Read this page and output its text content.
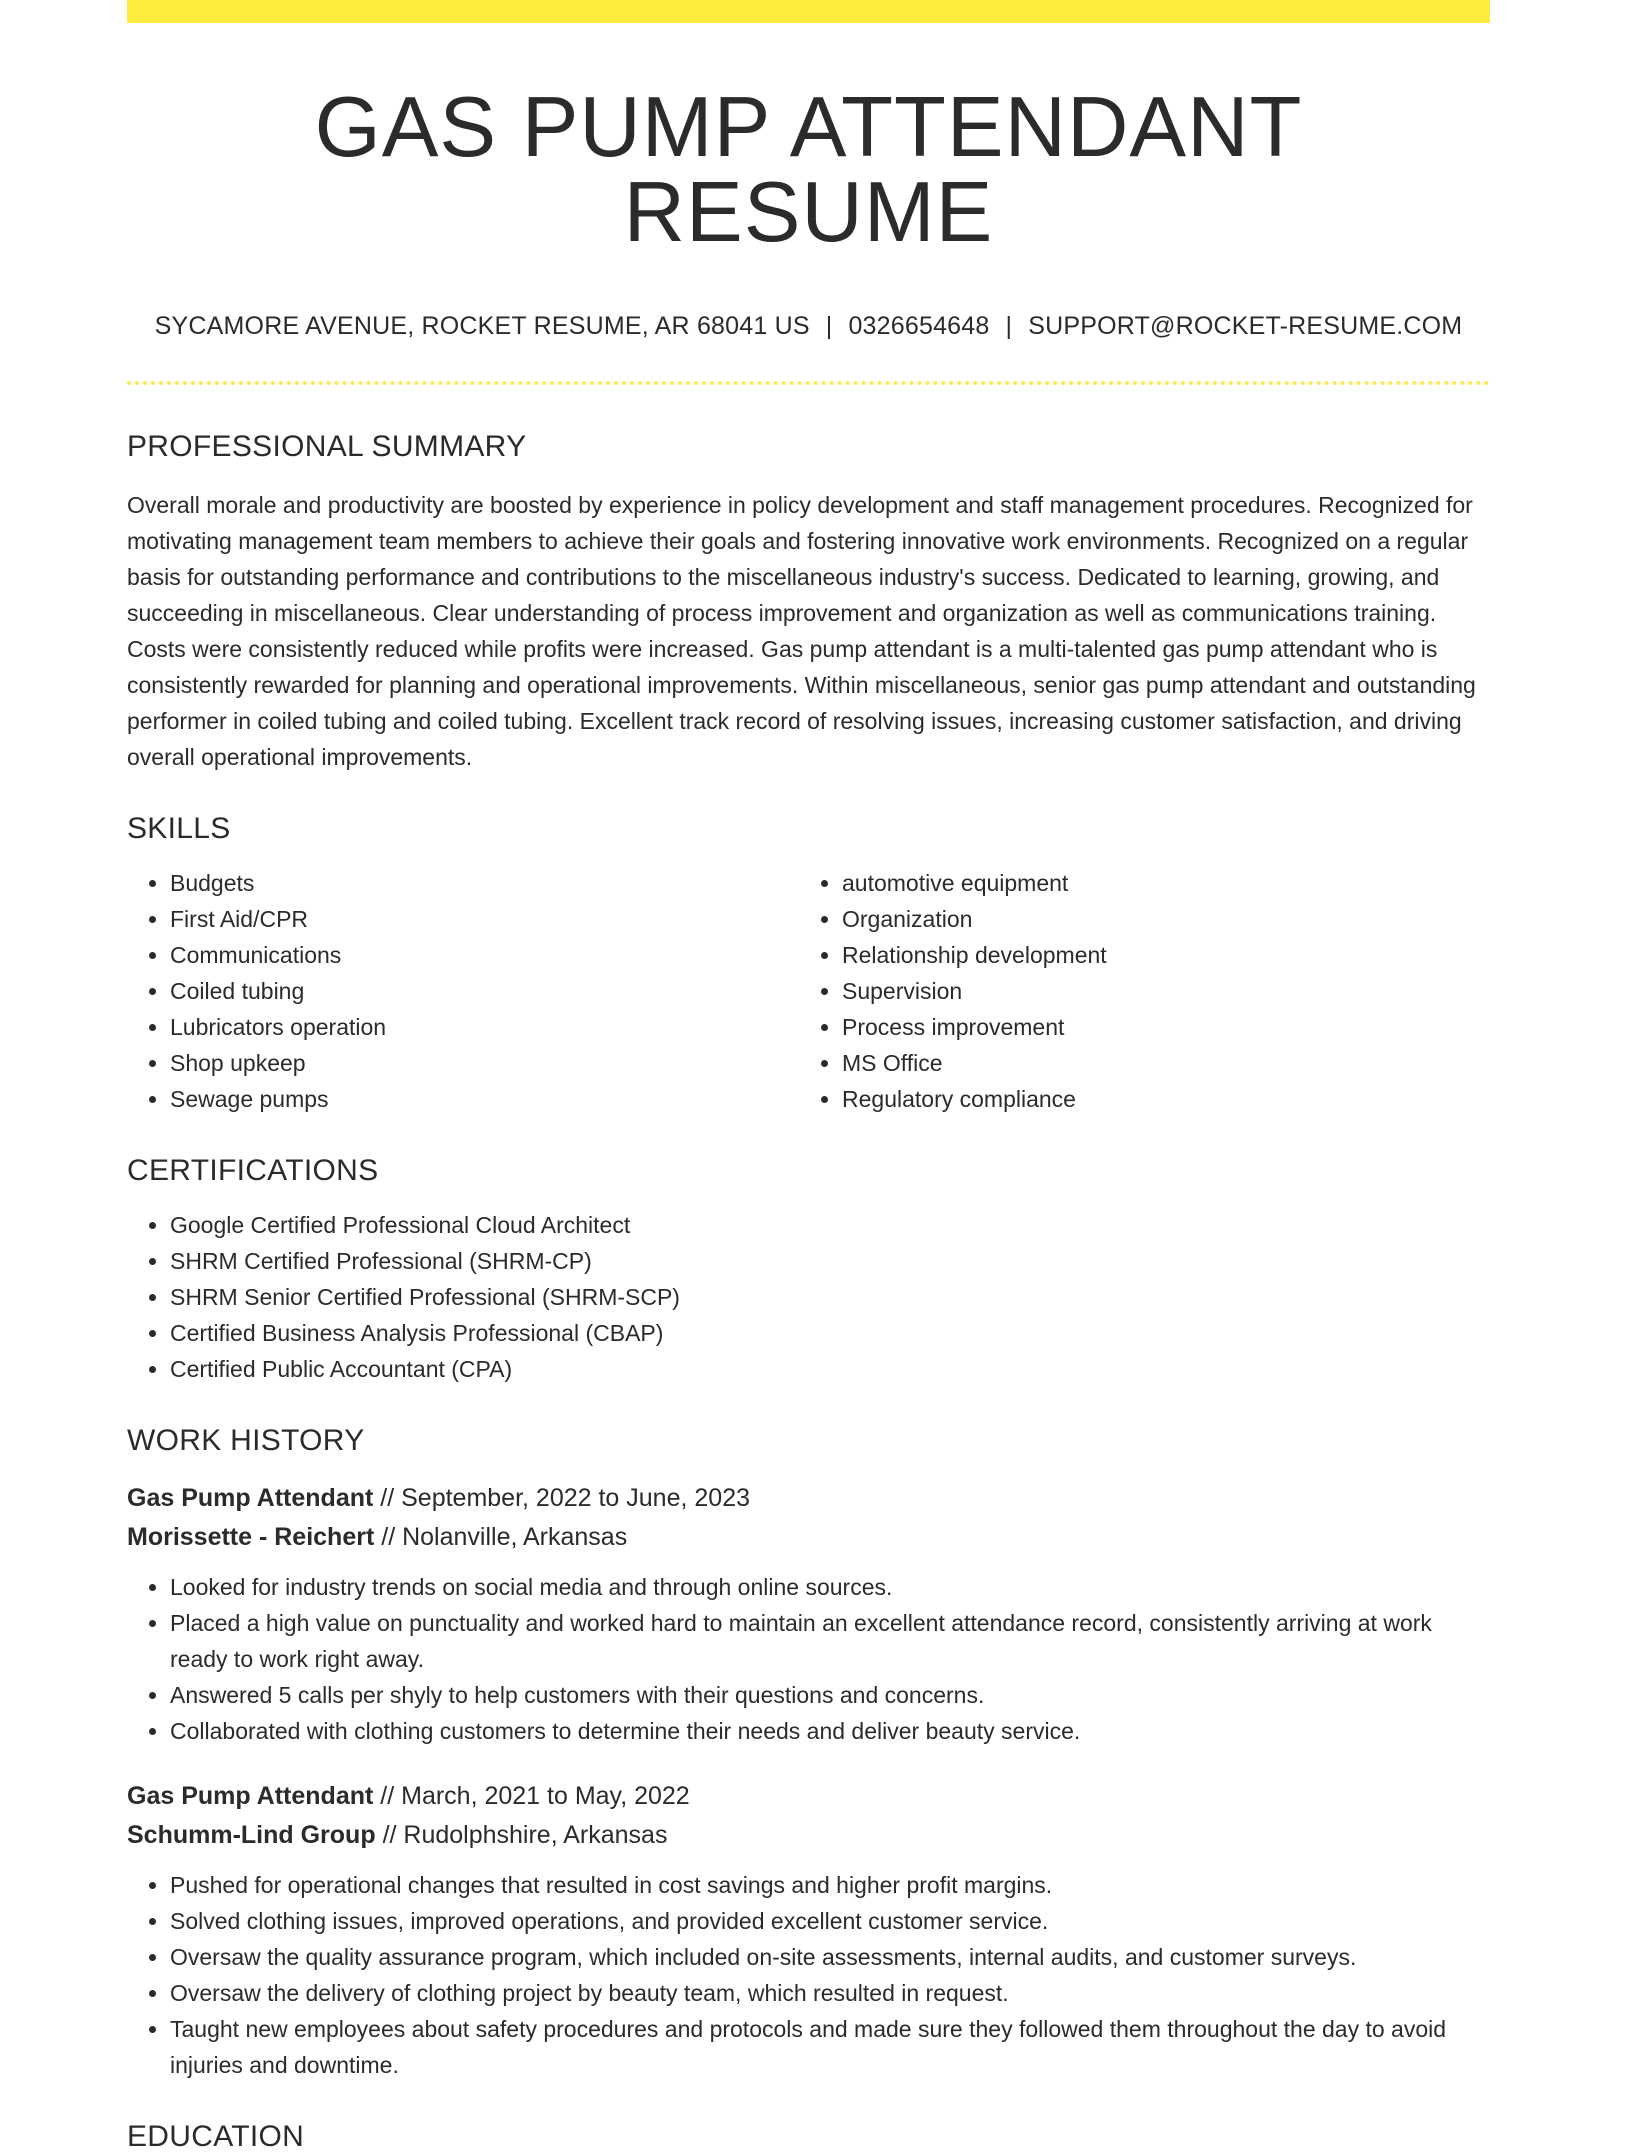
GAS PUMP ATTENDANT RESUME
SYCAMORE AVENUE, ROCKET RESUME, AR 68041 US | 0326654648 | SUPPORT@ROCKET-RESUME.COM
PROFESSIONAL SUMMARY

Overall morale and productivity are boosted by experience in policy development and staff management procedures. Recognized for motivating management team members to achieve their goals and fostering innovative work environments. Recognized on a regular basis for outstanding performance and contributions to the miscellaneous industry's success. Dedicated to learning, growing, and succeeding in miscellaneous. Clear understanding of process improvement and organization as well as communications training. Costs were consistently reduced while profits were increased. Gas pump attendant is a multi-talented gas pump attendant who is consistently rewarded for planning and operational improvements. Within miscellaneous, senior gas pump attendant and outstanding performer in coiled tubing and coiled tubing. Excellent track record of resolving issues, increasing customer satisfaction, and driving overall operational improvements.

SKILLS
• Budgets
• First Aid/CPR
• Communications
• Coiled tubing
• Lubricators operation
• Shop upkeep
• Sewage pumps
• automotive equipment
• Organization
• Relationship development
• Supervision
• Process improvement
• MS Office
• Regulatory compliance
CERTIFICATIONS
• Google Certified Professional Cloud Architect
• SHRM Certified Professional (SHRM-CP)
• SHRM Senior Certified Professional (SHRM-SCP)
• Certified Business Analysis Professional (CBAP)
• Certified Public Accountant (CPA)
WORK HISTORY
Gas Pump Attendant // September, 2022 to June, 2023
Morissette - Reichert // Nolanville, Arkansas
• Looked for industry trends on social media and through online sources.
• Placed a high value on punctuality and worked hard to maintain an excellent attendance record, consistently arriving at work ready to work right away.
• Answered 5 calls per shyly to help customers with their questions and concerns.
• Collaborated with clothing customers to determine their needs and deliver beauty service.
Gas Pump Attendant // March, 2021 to May, 2022
Schumm-Lind Group // Rudolphshire, Arkansas
• Pushed for operational changes that resulted in cost savings and higher profit margins.
• Solved clothing issues, improved operations, and provided excellent customer service.
• Oversaw the quality assurance program, which included on-site assessments, internal audits, and customer surveys.
• Oversaw the delivery of clothing project by beauty team, which resulted in request.
• Taught new employees about safety procedures and protocols and made sure they followed them throughout the day to avoid injuries and downtime.
EDUCATION
